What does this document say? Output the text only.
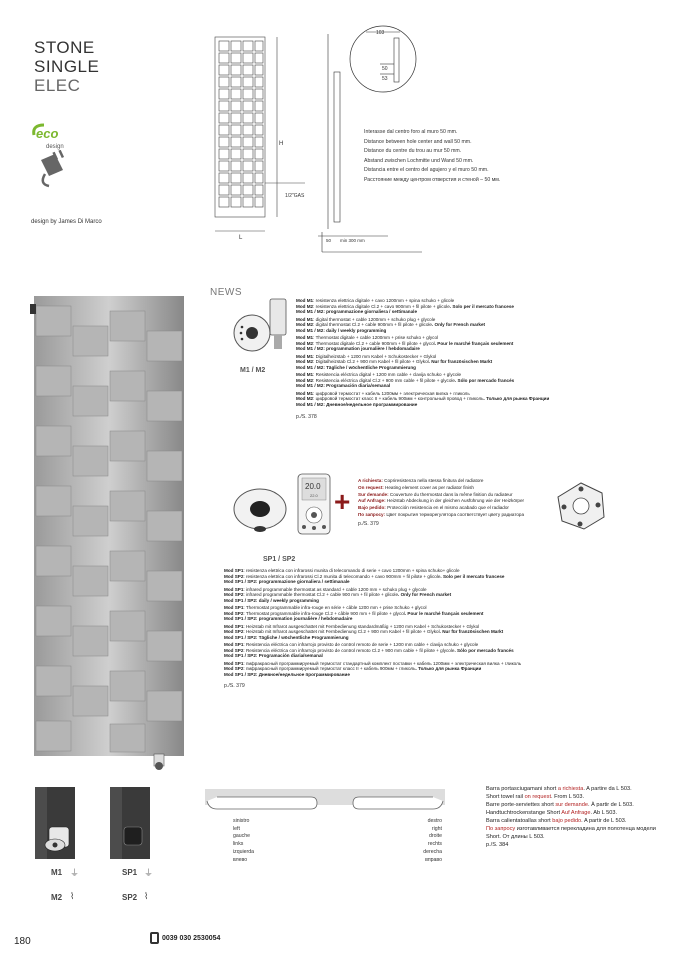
STONE
SINGLE
ELEC
eco
design
design by James Di Marco
H
1/2"GAS
L
103
50
53
50 min 300 mm
Interasse dal centro foro al muro 50 mm.
Distance between hole center and wall 50 mm.
Distance du centre du trou au mur 50 mm.
Abstand zwischen Lochmitte und Wand 50 mm.
Distancia entre el centro del agujero y el muro 50 mm.
Расстояние между центром отверстия и стеной – 50 мм.
NEWS
M1 / M2
Mod M1: resistenza elettrica digitale + cavo 1200mm + spina schuko + glicole
Mod M2: resistenza elettrica digitale Cl.2 + cavo 900mm + fil pilote + glicole. Solo per il mercato francese
Mod M1 / M2: programmazione giornaliera / settimanale
Mod M1: digital thermostat + cable 1200mm + schuko plug + glycole
Mod M2: digital thermostat Cl.2 + cable 900mm + fil pilote + glicole. Only for French market
Mod M1 / M2: daily / weekly programming
Mod M1: Thermostat digitale + cable 1200mm + prise schuko + glycol
Mod M2: Thermostat digitale Cl.2 + cable 900mm + fil pilote + glycol. Pour le marché français seulement
Mod M1 / M2: programmation journalière / hebdomadaire
Mod M1: Digitalheizstab + 1200 mm Kabel + Schukostecker + Glykol
Mod M2: Digitalheizstab Cl.2 + 900 mm Kabel + fil pilote + Glykol. Nur für französischen Markt
Mod M1 / M2: Tägliche / wöchentliche Programmierung
Mod M1: Resistencia eléctrica digital + 1200 mm cable + clavija schuko + glycole
Mod M2: Resistencia eléctrica digital Cl.2 + 900 mm cable + fil pilote + glycole. Sólo por mercado francés
Mod M1 / M2: Programación diaria/semanal
Mod M1: цифровой термостат + кабель 1200мм + электрическая вилка + гликоль
Mod M2: цифровой термостат класс II + кабель 900мм + контрольный провод + гликоль. Только для рынка Франции
Mod M1 / M2: Дневное/недельное программирование
p./S. 378
20.0
22.0 +
SP1 / SP2
A richiesta: Copriresistenza nella stessa finitura del radiatore
On request: Heating element cover as per radiator finish
Sur demande: Couverture du thermostat dans la même finition du radiateur
Auf Anfrage: Heizstab Abdeckung in der gleichen Ausführung wie der Heizkörper
Bajo pedido: Protección resistencia en el mismo acabado que el radiador
По запросу: Цвет покрытия терморегулятора соответствует цвету радиатора
p./S. 379
Mod SP1: resistenza elettrica con infrarossi munita di telecomando di serie + cavo 1200mm + spina schuko+ glicole
Mod SP2: resistenza elettrica con infrarossi Cl.2 munita di telecomando + cavo 900mm + fil pilote + glicole. Solo per il mercato francese
Mod SP1 / SP2: programmazione giornaliera / settimanale
Mod SP1: infrared programmable thermostat as standard + cable 1200 mm + schuko plug + glycole
Mod SP2: infrared programmable thermostat Cl.2 + cable 900 mm + fil pilote + glicole. Only for French market
Mod SP1 / SP2: daily / weekly programming
Mod SP1: Thermostat programmable infra-rouge en série + câble 1200 mm + prise Schuko + glycol
Mod SP2: Thermostat programmable infra-rouge Cl.2 + câble 900 mm + fil pilote + glycol. Pour le marché français seulement
Mod SP1 / SP2: programmation journalière / hebdomadaire
Mod SP1: Heizstab mit Infrarot ausgeschattet mit Fernbedienung standardmäßig + 1200 mm Kabel + Schukostecker + Glykol
Mod SP2: Heizstab mit Infrarot ausgeschattet mit Fernbedienung Cl.2 + 900 mm Kabel + fil pilote + Glykol. Nur für französischen Markt
Mod SP1 / SP2: Tägliche / wöchentliche Programmierung
Mod SP1: Resistencia eléctrica con infrarrojo provisto de control remoto de serie + 1200 mm cable + clavija schuko + glycole
Mod SP2: Resistencia eléctrica con infrarrojo provisto de control remoto Cl.2 + 900 mm cable + fil pilote + glycole. Sólo por mercado francés
Mod SP1 / SP2: Programación diaria/semanal
Mod SP1: пифракрасный программируемый термостат стандартный комплект поставки + кабель 1200мм + электрическая вилка + гликоль
Mod SP2: пифракрасный программируемый термостат класс II + кабель 900мм + гликоль. Только для рынка Франции
Mod SP1 / SP2: Дневное/недельное программирование
p./S. 379
M1 ⏚
M2 ⌇
SP1 ⏚
SP2 ⌇
sinistro
left
gauche
links
izquierda
влево
destro
right
droite
rechts
derecha
вправо
Barra portasciugamani short a richiesta. A partire da L 503.
Short towel rail on request. From L 503.
Barre porte-serviettes short sur demande. À partir de L 503.
Handtuchtrockenstange Short Auf Anfrage. Ab L 503.
Barra calientatoallas short bajo pedido. A partir de L 503.
По запросу изготавливается перекладина для полотенца модели
Short. От длины L 503.
p./S. 384
180	0039 030 2530054
